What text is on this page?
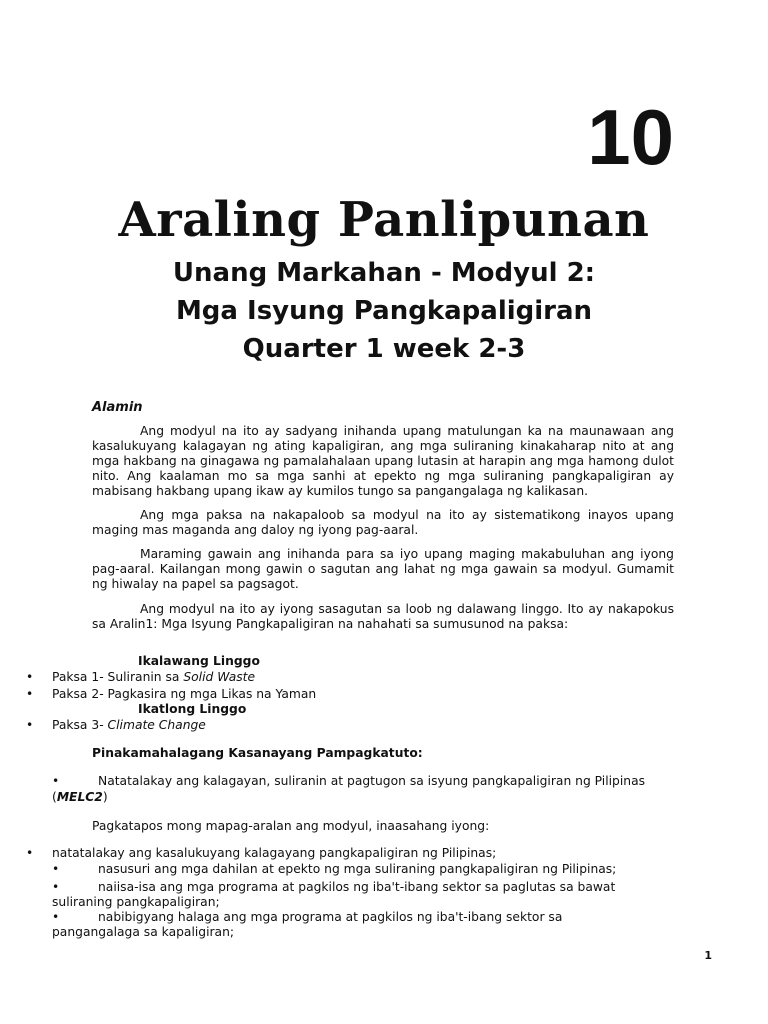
10
Araling Panlipunan
Unang Markahan - Modyul 2:
Mga Isyung Pangkapaligiran
Quarter 1 week 2-3
Alamin

Ang modyul na ito ay sadyang inihanda upang matulungan ka na maunawaan ang kasalukuyang kalagayan ng ating kapaligiran, ang mga suliraning kinakaharap nito at ang mga hakbang na ginagawa ng pamalahalaan upang lutasin at harapin ang mga hamong dulot nito. Ang kaalaman mo sa mga sanhi at epekto ng mga suliraning pangkapaligiran ay mabisang hakbang upang ikaw ay kumilos tungo sa pangangalaga ng kalikasan.

Ang mga paksa na nakapaloob sa modyul na ito ay sistematikong inayos upang maging mas maganda ang daloy ng iyong pag-aaral.

Maraming gawain ang inihanda para sa iyo upang maging makabuluhan ang iyong pag-aaral. Kailangan mong gawin o sagutan ang lahat ng mga gawain sa modyul. Gumamit ng hiwalay na papel sa pagsagot.

Ang modyul na ito ay iyong sasagutan sa loob ng dalawang linggo. Ito ay nakapokus sa Aralin1: Mga Isyung Pangkapaligiran na nahahati sa sumusunod na paksa:

Ikalawang Linggo
• Paksa 1- Suliranin sa Solid Waste
• Paksa 2- Pagkasira ng mga Likas na Yaman
Ikatlong Linggo
• Paksa 3- Climate Change
Pinakamahalagang Kasanayang Pampagkatuto:
•	Natatalakay ang kalagayan, suliranin at pagtugon sa isyung pangkapaligiran ng Pilipinas
(MELC2)
Pagkatapos mong mapag-aralan ang modyul, inaasahang iyong:
• natatalakay ang kasalukuyang kalagayang pangkapaligiran ng Pilipinas;
•	nasusuri ang mga dahilan at epekto ng mga suliraning pangkapaligiran ng Pilipinas;
•	naiisa-isa ang mga programa at pagkilos ng iba't-ibang sektor sa paglutas sa bawat
suliraning pangkapaligiran;
•	nabibigyang halaga ang mga programa at pagkilos ng iba't-ibang sektor sa
pangangalaga sa kapaligiran;
1
